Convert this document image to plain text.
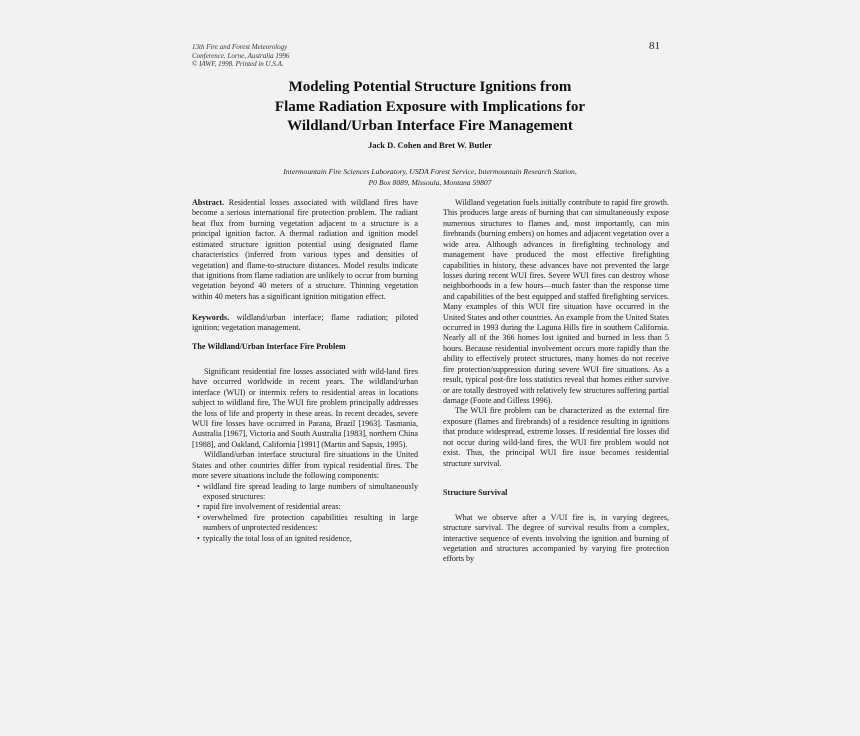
13th Fire and Forest Meteorology
Conference. Lorne, Australia 1996
© IAWF, 1998. Printed in U.S.A.
81
Modeling Potential Structure Ignitions from
Flame Radiation Exposure with Implications for
Wildland/Urban Interface Fire Management
Jack D. Cohen and Bret W. Butler
Intermountain Fire Sciences Laboratory, USDA Forest Service, Intermountain Research Station,
P0 Box 8089, Missoula, Montana 59807

Abstract. Residential losses associated with wildland fires have become a serious international fire protection problem. The radiant heat flux from burning vegetation adjacent to a structure is a principal ignition factor. A thermal radiation and ignition model estimated structure ignition potential using designated flame characteristics (inferred from various types and densities of vegetation) and flame-to-structure distances. Model results indicate that ignitions from flame radiation are unlikely to occur from burning vegetation beyond 40 meters of a structure. Thinning vegetation within 40 meters has a significant ignition mitigation effect.

Keywords. wildland/urban interface; flame radiation; piloted ignition; vegetation management.

The Wildland/Urban Interface Fire Problem

Significant residential fire losses associated with wild-land fires have occurred worldwide in recent years. The wildland/urban interface (WUI) or intermix refers to residential areas in locations subject to wildland fire, The WUI fire problem principally addresses the loss of life and property in these areas. In recent decades, severe WUI fire losses have occurred in Parana, Brazil [1963]. Tasmania, Australia [1967], Victoria and South Australia [1983], northern China [1988], and Oakland, California [1991] (Martin and Sapsis, 1995).

Wildland/urban interface structural fire situations in the United States and other countries differ from typical residential fires. The more severe situations include the following components:

• wildland fire spread leading to large numbers of simultaneously exposed structures:
• rapid fire involvement of residential areas:
• overwhelmed fire protection capabilities resulting in large numbers of unprotected residences:
• typically the total loss of an ignited residence,

Wildland vegetation fuels initially contribute to rapid fire growth. This produces large areas of burning that can simultaneously expose numerous structures to flames and, most importantly, can min firebrands (burning embers) on homes and adjacent vegetation over a wide area. Although advances in firefighting technology and management have produced the most effective firefighting capabilities in history, these advances have not prevented the large losses during recent WUI fires. Severe WUI fires can destroy whose neighborhoods in a few hours—much faster than the response time and capabilities of the best equipped and staffed firefighting services. Many examples of this WUI fire situation have occurred in the United States and other countries. An example from the United States occurred in 1993 during the Laguna Hills fire in southern California. Nearly all of the 366 homes lost ignited and burned in less than 5 hours. Because residential involvement occurs more rapidly than the ability to effectively protect structures, many homes do not receive fire protection/suppression during severe WUI fire situations. As a result, typical post-fire loss statistics reveal that homes either survive or are totally destroyed with relatively few structures suffering partial damage (Foote and Gilless 1996).

The WUI fire problem can be characterized as the external fire exposure (flames and firebrands) of a residence resulting in ignitions that produce widespread, extreme losses. If residential fire losses did not occur during wild-land fires, the WUI fire problem would not exist. Thus, the principal WUI fire issue becomes residential structure survival.

Structure Survival

What we observe after a V/UI fire is, in varying degrees, structure survival. The degree of survival results from a complex, interactive sequence of events involving the ignition and burning of vegetation and structures accompanied by varying fire protection efforts by
